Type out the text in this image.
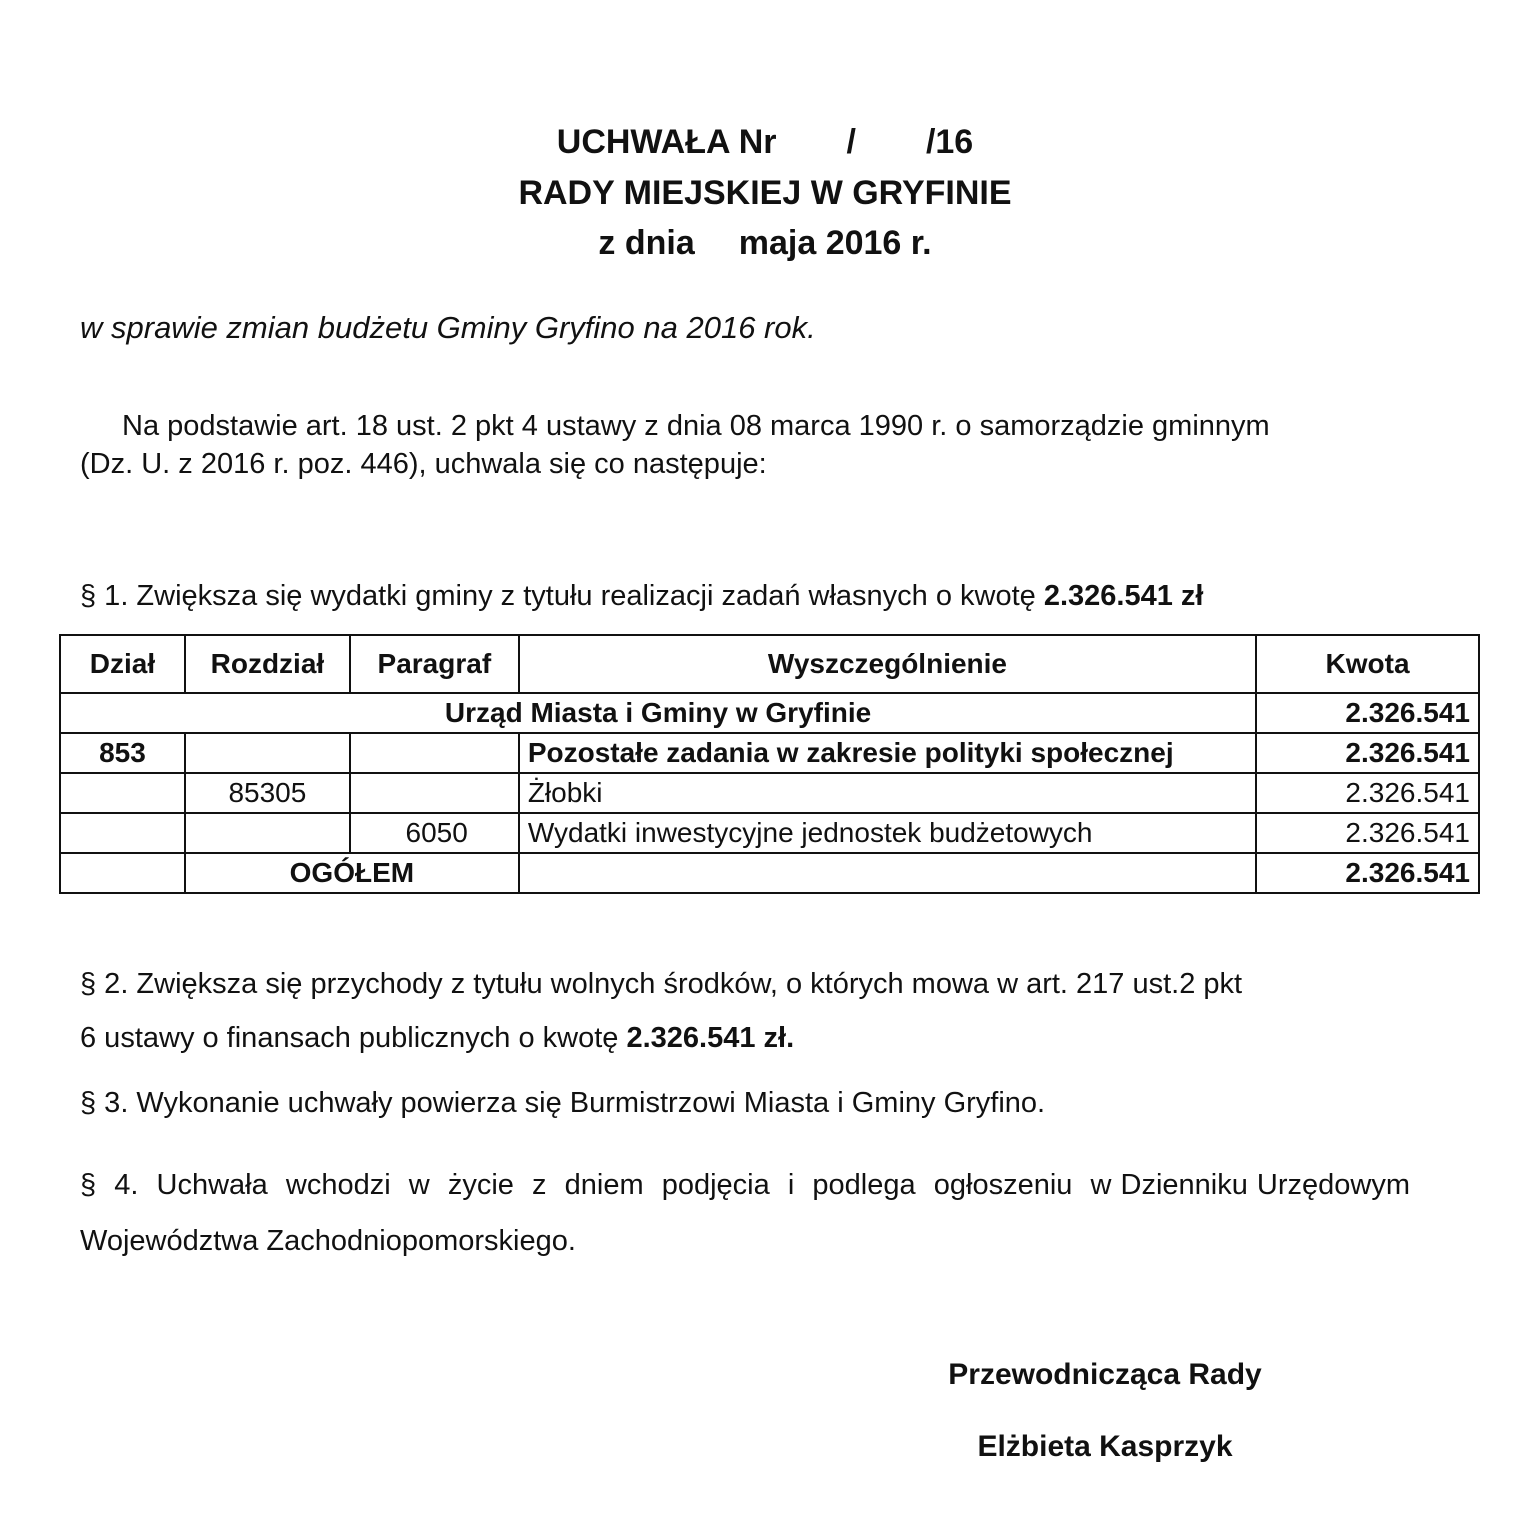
UCHWAŁA Nr / /16
RADY MIEJSKIEJ W GRYFINIE
z dnia maja 2016 r.
w sprawie zmian budżetu Gminy Gryfino na 2016 rok.
Na podstawie art. 18 ust. 2 pkt 4 ustawy z dnia 08 marca 1990 r. o samorządzie gminnym
(Dz. U. z 2016 r. poz. 446), uchwala się co następuje:
§ 1. Zwiększa się wydatki gminy z tytułu realizacji zadań własnych o kwotę 2.326.541 zł
Dział	Rozdział	Paragraf	Wyszczególnienie	Kwota
Urząd Miasta i Gminy w Gryfinie				2.326.541
853			Pozostałe zadania w zakresie polityki społecznej	2.326.541
	85305		Żłobki	2.326.541
		6050	Wydatki inwestycyjne jednostek budżetowych	2.326.541
	OGÓŁEM			2.326.541
§ 2. Zwiększa się przychody z tytułu wolnych środków, o których mowa w art. 217 ust.2 pkt
6 ustawy o finansach publicznych o kwotę 2.326.541 zł.
§ 3. Wykonanie uchwały powierza się Burmistrzowi Miasta i Gminy Gryfino.
§  4.  Uchwała  wchodzi  w  życie  z  dniem  podjęcia  i  podlega  ogłoszeniu  w Dzienniku Urzędowym Województwa Zachodniopomorskiego.
Przewodnicząca Rady
Elżbieta Kasprzyk
